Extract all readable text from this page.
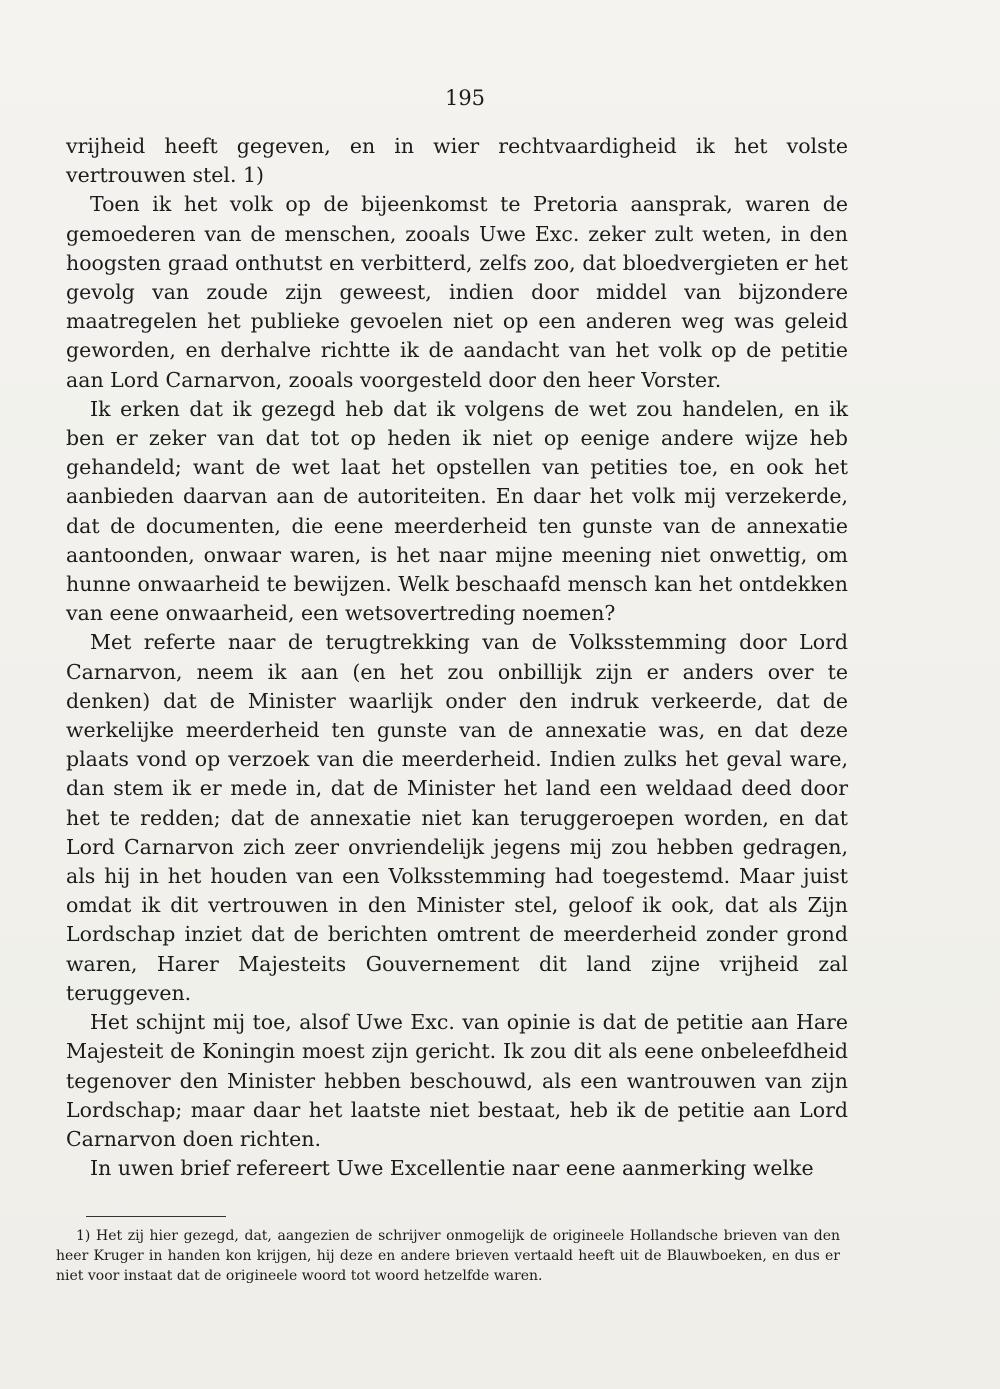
195

vrijheid heeft gegeven, en in wier rechtvaardigheid ik het volste vertrouwen stel. 1)

Toen ik het volk op de bijeenkomst te Pretoria aansprak, waren de gemoederen van de menschen, zooals Uwe Exc. zeker zult weten, in den hoogsten graad onthutst en verbitterd, zelfs zoo, dat bloedvergieten er het gevolg van zoude zijn geweest, indien door middel van bijzondere maatregelen het publieke gevoelen niet op een anderen weg was geleid geworden, en derhalve richtte ik de aandacht van het volk op de petitie aan Lord Carnarvon, zooals voorgesteld door den heer Vorster.

Ik erken dat ik gezegd heb dat ik volgens de wet zou handelen, en ik ben er zeker van dat tot op heden ik niet op eenige andere wijze heb gehandeld; want de wet laat het opstellen van petities toe, en ook het aanbieden daarvan aan de autoriteiten. En daar het volk mij verzekerde, dat de documenten, die eene meerderheid ten gunste van de annexatie aantoonden, onwaar waren, is het naar mijne meening niet onwettig, om hunne onwaarheid te bewijzen. Welk beschaafd mensch kan het ontdekken van eene onwaarheid, een wetsovertreding noemen?

Met referte naar de terugtrekking van de Volksstemming door Lord Carnarvon, neem ik aan (en het zou onbillijk zijn er anders over te denken) dat de Minister waarlijk onder den indruk verkeerde, dat de werkelijke meerderheid ten gunste van de annexatie was, en dat deze plaats vond op verzoek van die meerderheid. Indien zulks het geval ware, dan stem ik er mede in, dat de Minister het land een weldaad deed door het te redden; dat de annexatie niet kan teruggeroepen worden, en dat Lord Carnarvon zich zeer onvriendelijk jegens mij zou hebben gedragen, als hij in het houden van een Volksstemming had toegestemd. Maar juist omdat ik dit vertrouwen in den Minister stel, geloof ik ook, dat als Zijn Lordschap inziet dat de berichten omtrent de meerderheid zonder grond waren, Harer Majesteits Gouvernement dit land zijne vrijheid zal teruggeven.

Het schijnt mij toe, alsof Uwe Exc. van opinie is dat de petitie aan Hare Majesteit de Koningin moest zijn gericht. Ik zou dit als eene onbeleefdheid tegenover den Minister hebben beschouwd, als een wantrouwen van zijn Lordschap; maar daar het laatste niet bestaat, heb ik de petitie aan Lord Carnarvon doen richten.

In uwen brief refereert Uwe Excellentie naar eene aanmerking welke

1) Het zij hier gezegd, dat, aangezien de schrijver onmogelijk de origineele Hollandsche brieven van den heer Kruger in handen kon krijgen, hij deze en andere brieven vertaald heeft uit de Blauwboeken, en dus er niet voor instaat dat de origineele woord tot woord hetzelfde waren.
